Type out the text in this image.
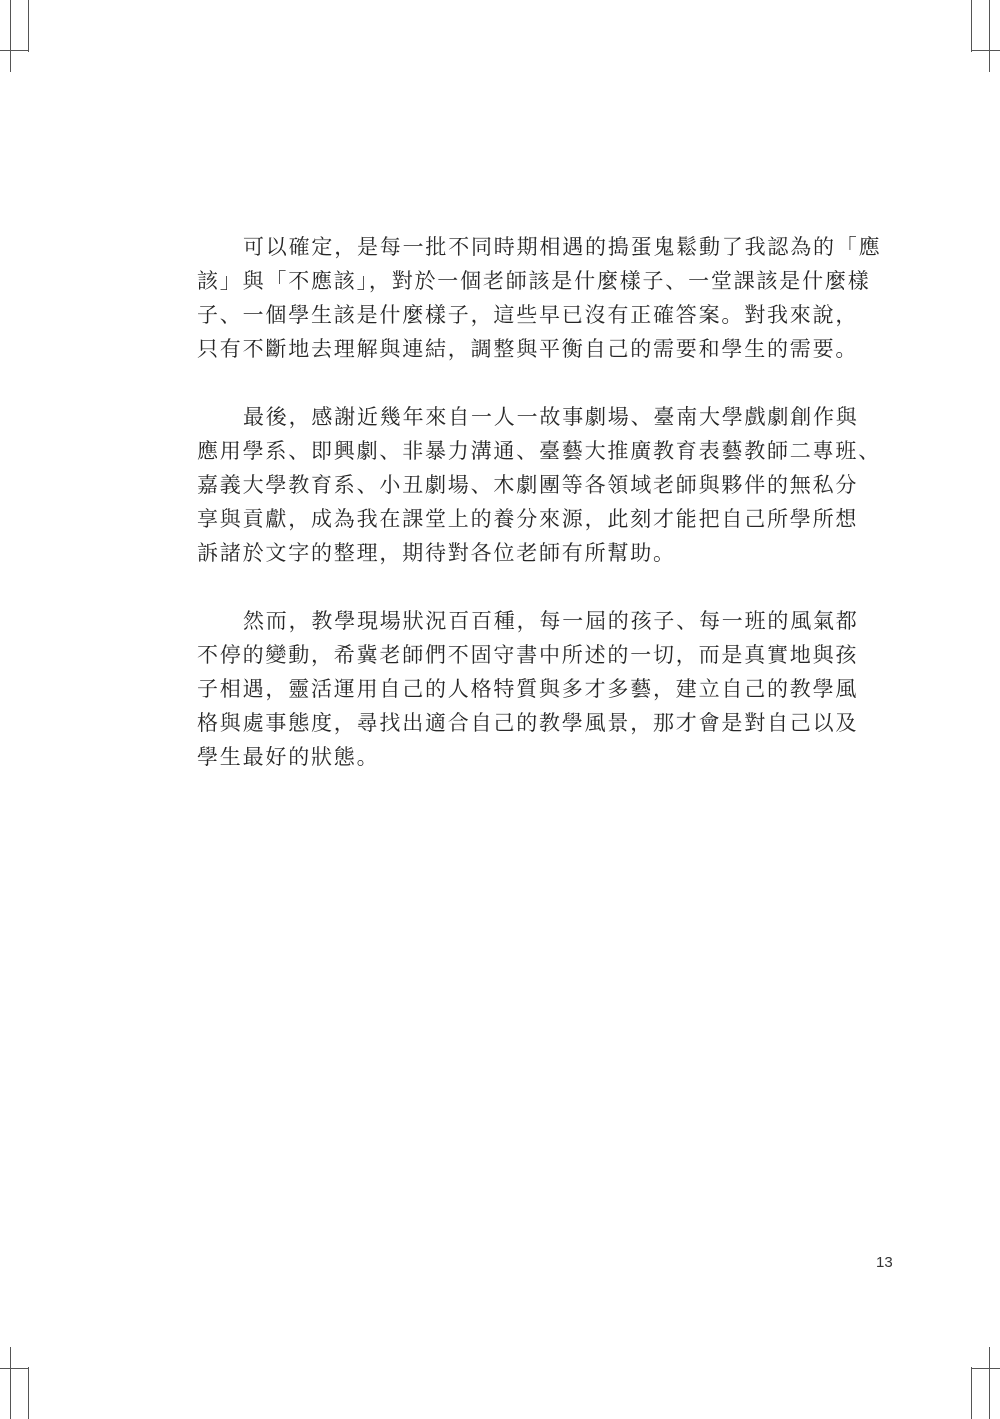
可以確定，是每一批不同時期相遇的搗蛋鬼鬆動了我認為的「應
該」與「不應該」，對於一個老師該是什麼樣子、一堂課該是什麼樣
子、一個學生該是什麼樣子，這些早已沒有正確答案。對我來說，
只有不斷地去理解與連結，調整與平衡自己的需要和學生的需要。

最後，感謝近幾年來自一人一故事劇場、臺南大學戲劇創作與
應用學系、即興劇、非暴力溝通、臺藝大推廣教育表藝教師二專班、
嘉義大學教育系、小丑劇場、木劇團等各領域老師與夥伴的無私分
享與貢獻，成為我在課堂上的養分來源，此刻才能把自己所學所想
訴諸於文字的整理，期待對各位老師有所幫助。

然而，教學現場狀況百百種，每一屆的孩子、每一班的風氣都
不停的變動，希冀老師們不固守書中所述的一切，而是真實地與孩
子相遇，靈活運用自己的人格特質與多才多藝，建立自己的教學風
格與處事態度，尋找出適合自己的教學風景，那才會是對自己以及
學生最好的狀態。

13
